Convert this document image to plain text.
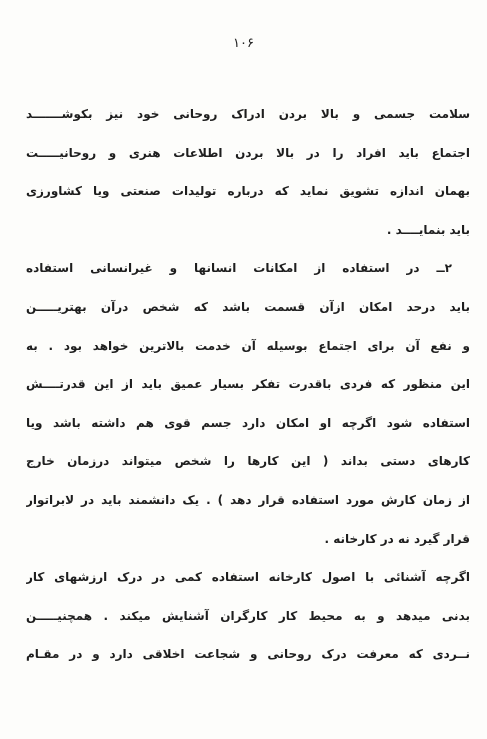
۱۰۶
سلامت جسمی و بالا بردن ادراک روحانی خود نیز بکوشـــــــد
اجتماع باید افراد را در بالا بردن اطلاعات هنری و روحانیـــــت
بهمان اندازه تشویق نماید که درباره تولیدات صنعتی ویا کشاورزی
باید بنمایــــد .
۲ــ در استفاده از امکانات انسانها و غیرانسانی استفاده
باید درحد امکان ازآن قسمت باشد که شخص درآن بهتریـــــن
و نفع آن برای اجتماع بوسیله آن خدمت بالاترین خواهد بود . به
این منظور که فردی باقدرت تفکر بسیار عمیق باید از این قدرتــــش
استفاده شود اگرچه او امکان دارد جسم قوی هم داشته باشد ویا
کارهای دستی بداند ( این کارها را شخص میتواند درزمان خارج
از زمان کارش مورد استفاده قرار دهد ) . یک دانشمند باید در لابراتوار
قرار گیرد نه در کارخانه .
اگرچه آشنائی با اصول کارخانه استفاده کمی در درک ارزشهای کار
بدنی میدهد و به محیط کار کارگران آشنایش میکند . همچنیـــــن
نــردی که معرفت درک روحانی و شجاعت اخلاقی دارد و در مقـام
